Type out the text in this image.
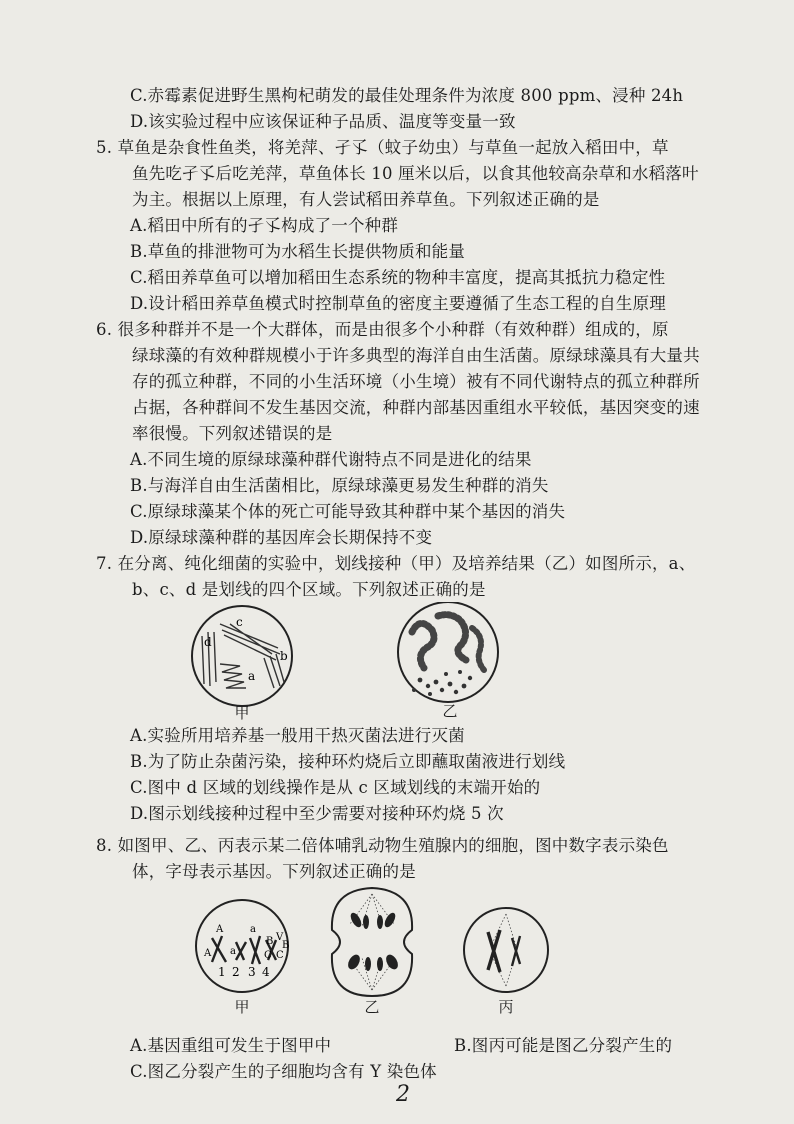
C.赤霉素促进野生黑枸杞萌发的最佳处理条件为浓度 800 ppm、浸种 24h
D.该实验过程中应该保证种子品质、温度等变量一致
5. 草鱼是杂食性鱼类，将羌萍、孑孓（蚊子幼虫）与草鱼一起放入稻田中，草
鱼先吃孑孓后吃羌萍，草鱼体长 10 厘米以后，以食其他较高杂草和水稻落叶
为主。根据以上原理，有人尝试稻田养草鱼。下列叙述正确的是
A.稻田中所有的孑孓构成了一个种群
B.草鱼的排泄物可为水稻生长提供物质和能量
C.稻田养草鱼可以增加稻田生态系统的物种丰富度，提高其抵抗力稳定性
D.设计稻田养草鱼模式时控制草鱼的密度主要遵循了生态工程的自生原理
6. 很多种群并不是一个大群体，而是由很多个小种群（有效种群）组成的，原
绿球藻的有效种群规模小于许多典型的海洋自由生活菌。原绿球藻具有大量共
存的孤立种群，不同的小生活环境（小生境）被有不同代谢特点的孤立种群所
占据，各种群间不发生基因交流，种群内部基因重组水平较低，基因突变的速
率很慢。下列叙述错误的是
A.不同生境的原绿球藻种群代谢特点不同是进化的结果
B.与海洋自由生活菌相比，原绿球藻更易发生种群的消失
C.原绿球藻某个体的死亡可能导致其种群中某个基因的消失
D.原绿球藻种群的基因库会长期保持不变
7. 在分离、纯化细菌的实验中，划线接种（甲）及培养结果（乙）如图所示，a、
b、c、d 是划线的四个区域。下列叙述正确的是
d
c
b
a
甲	乙
A.实验所用培养基一般用干热灭菌法进行灭菌
B.为了防止杂菌污染，接种环灼烧后立即蘸取菌液进行划线
C.图中 d 区域的划线操作是从 c 区域划线的末端开始的
D.图示划线接种过程中至少需要对接种环灼烧 5 次
8. 如图甲、乙、丙表示某二倍体哺乳动物生殖腺内的细胞，图中数字表示染色
体，字母表示基因。下列叙述正确的是
A
A
a
a
B V
B
C C
1 2 3 4
甲	乙	丙
A.基因重组可发生于图甲中	B.图丙可能是图乙分裂产生的
C.图乙分裂产生的子细胞均含有 Y 染色体
2
